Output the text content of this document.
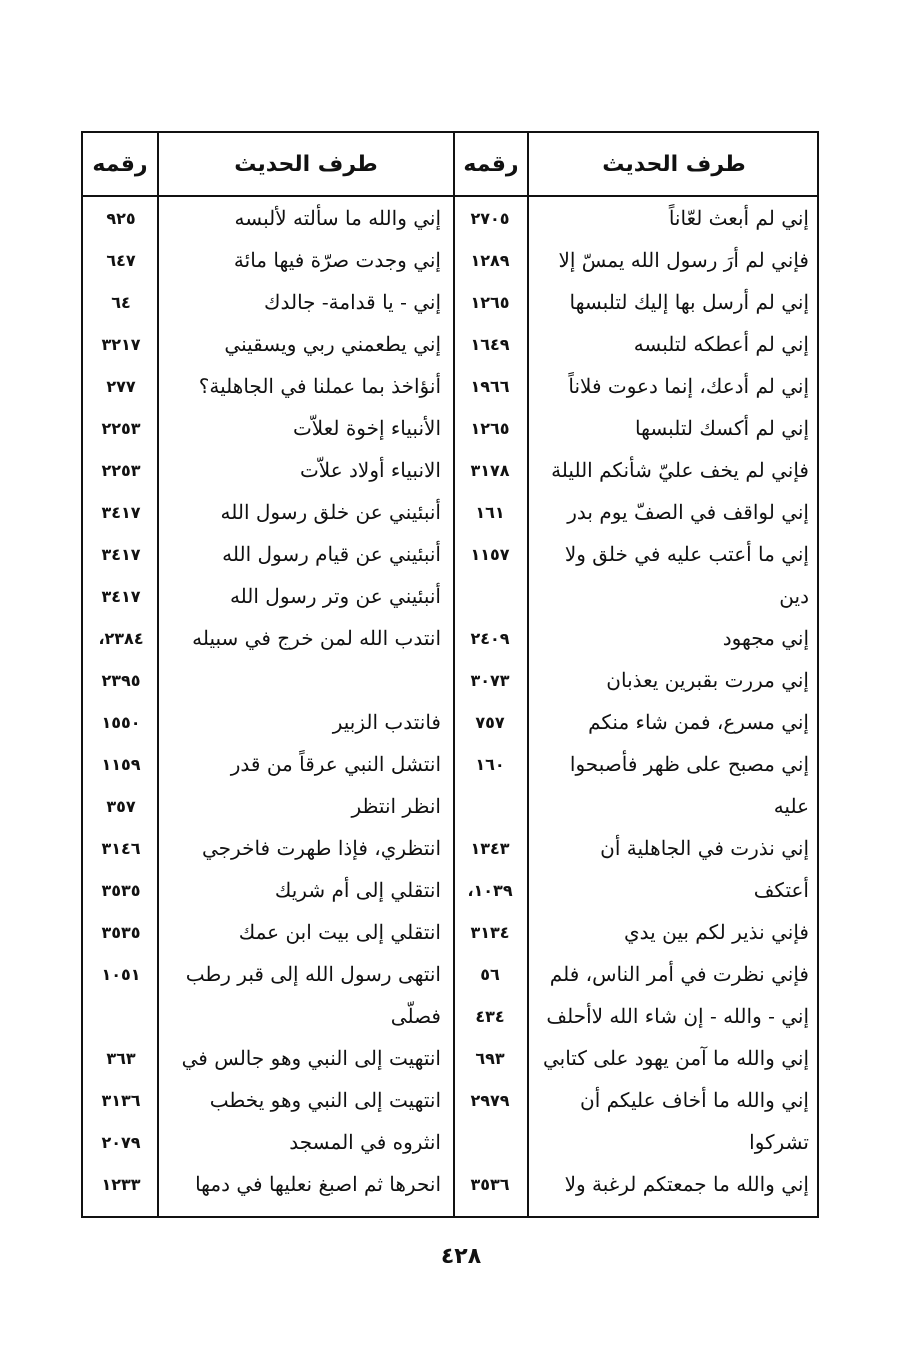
طرف الحديث
رقمه
طرف الحديث
رقمه
إني لم أبعث لعّاناً
٢٧٠٥
إني والله ما سألته لألبسه
٩٢٥
فإني لم أرَ رسول الله يمسّ إلا
١٢٨٩
إني وجدت صرّة فيها مائة
٦٤٧
إني لم أرسل بها إليك لتلبسها
١٢٦٥
إني - يا قدامة- جالدك
٦٤
إني لم أعطكه لتلبسه
١٦٤٩
إني يطعمني ربي ويسقيني
٣٢١٧
إني لم أدعك، إنما دعوت فلاناً
١٩٦٦
أنؤاخذ بما عملنا في الجاهلية؟
٢٧٧
إني لم أكسك لتلبسها
١٢٦٥
الأنبياء إخوة لعلاّت
٢٢٥٣
فإني لم يخف عليّ شأنكم الليلة
٣١٧٨
الانبياء أولاد علاّت
٢٢٥٣
إني لواقف في الصفّ يوم بدر
١٦١
أنبئيني عن خلق رسول الله
٣٤١٧
إني ما أعتب عليه في خلق ولا
١١٥٧
أنبئيني عن قيام رسول الله
٣٤١٧
دين
أنبئيني عن وتر رسول الله
٣٤١٧
إني مجهود
٢٤٠٩
انتدب الله لمن خرج في سبيله
٢٣٨٤،
إني مررت بقبرين يعذبان
٣٠٧٣
٢٣٩٥
إني مسرع، فمن شاء منكم
٧٥٧
فانتدب الزبير
١٥٥٠
إني مصبح على ظهر فأصبحوا
١٦٠
انتشل النبي عرقاً من قدر
١١٥٩
عليه
انظر انتظر
٣٥٧
إني نذرت في الجاهلية أن
١٣٤٣
انتظري، فإذا طهرت فاخرجي
٣١٤٦
أعتكف
١٠٣٩،
انتقلي إلى أم شريك
٣٥٣٥
فإني نذير لكم بين يدي
٣١٣٤
انتقلي إلى بيت ابن عمك
٣٥٣٥
فإني نظرت في أمر الناس، فلم
٥٦
انتهى رسول الله إلى قبر رطب
١٠٥١
إني - والله - إن شاء الله لاأحلف
٤٣٤
فصلّى
إني والله ما آمن يهود على كتابي
٦٩٣
انتهيت إلى النبي وهو جالس في
٣٦٣
إني والله ما أخاف عليكم أن
٢٩٧٩
انتهيت إلى النبي وهو يخطب
٣١٣٦
تشركوا
انثروه في المسجد
٢٠٧٩
إني والله ما جمعتكم لرغبة ولا
٣٥٣٦
انحرها ثم اصبغ نعليها في دمها
١٢٣٣
٤٢٨
